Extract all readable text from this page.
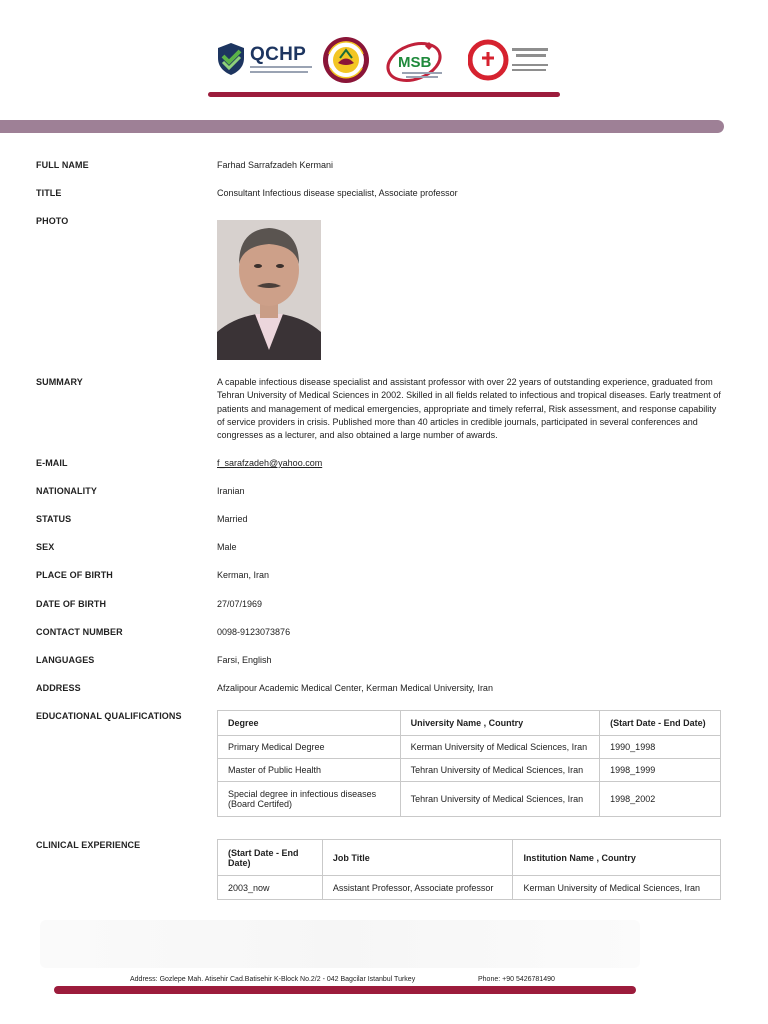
QCHP	MSB
FULL NAME	Farhad Sarrafzadeh Kermani
TITLE	Consultant Infectious disease specialist, Associate professor
PHOTO
SUMMARY	A capable infectious disease specialist and assistant professor with over 22 years of outstanding experience, graduated from Tehran University of Medical Sciences in 2002. Skilled in all fields related to infectious and tropical diseases. Early treatment of patients and management of medical emergencies, appropriate and timely referral, Risk assessment, and response capability of service providers in crisis. Published more than 40 articles in credible journals, participated in several conferences and congresses as a lecturer, and also obtained a large number of awards.
E-MAIL	f_sarafzadeh@yahoo.com
NATIONALITY	Iranian
STATUS	Married
SEX	Male
PLACE OF BIRTH	Kerman, Iran
DATE OF BIRTH	27/07/1969
CONTACT NUMBER	0098-9123073876
LANGUAGES	Farsi, English
ADDRESS	Afzalipour Academic Medical Center, Kerman Medical University, Iran
EDUCATIONAL QUALIFICATIONS
Degree	University Name , Country	(Start Date - End Date)
Primary Medical Degree	Kerman University of Medical Sciences, Iran	1990_1998
Master of Public Health	Tehran University of Medical Sciences, Iran	1998_1999
Special degree in infectious diseases (Board Certifed)	Tehran University of Medical Sciences, Iran	1998_2002
CLINICAL EXPERIENCE
(Start Date - End Date)	Job Title	Institution Name , Country
2003_now	Assistant Professor, Associate professor	Kerman University of Medical Sciences, Iran
Address: Gozlepe Mah. Atisehir Cad.Batisehir K-Block No.2/2 - 042 Bagcilar Istanbul Turkey	Phone: +90 5426781490
